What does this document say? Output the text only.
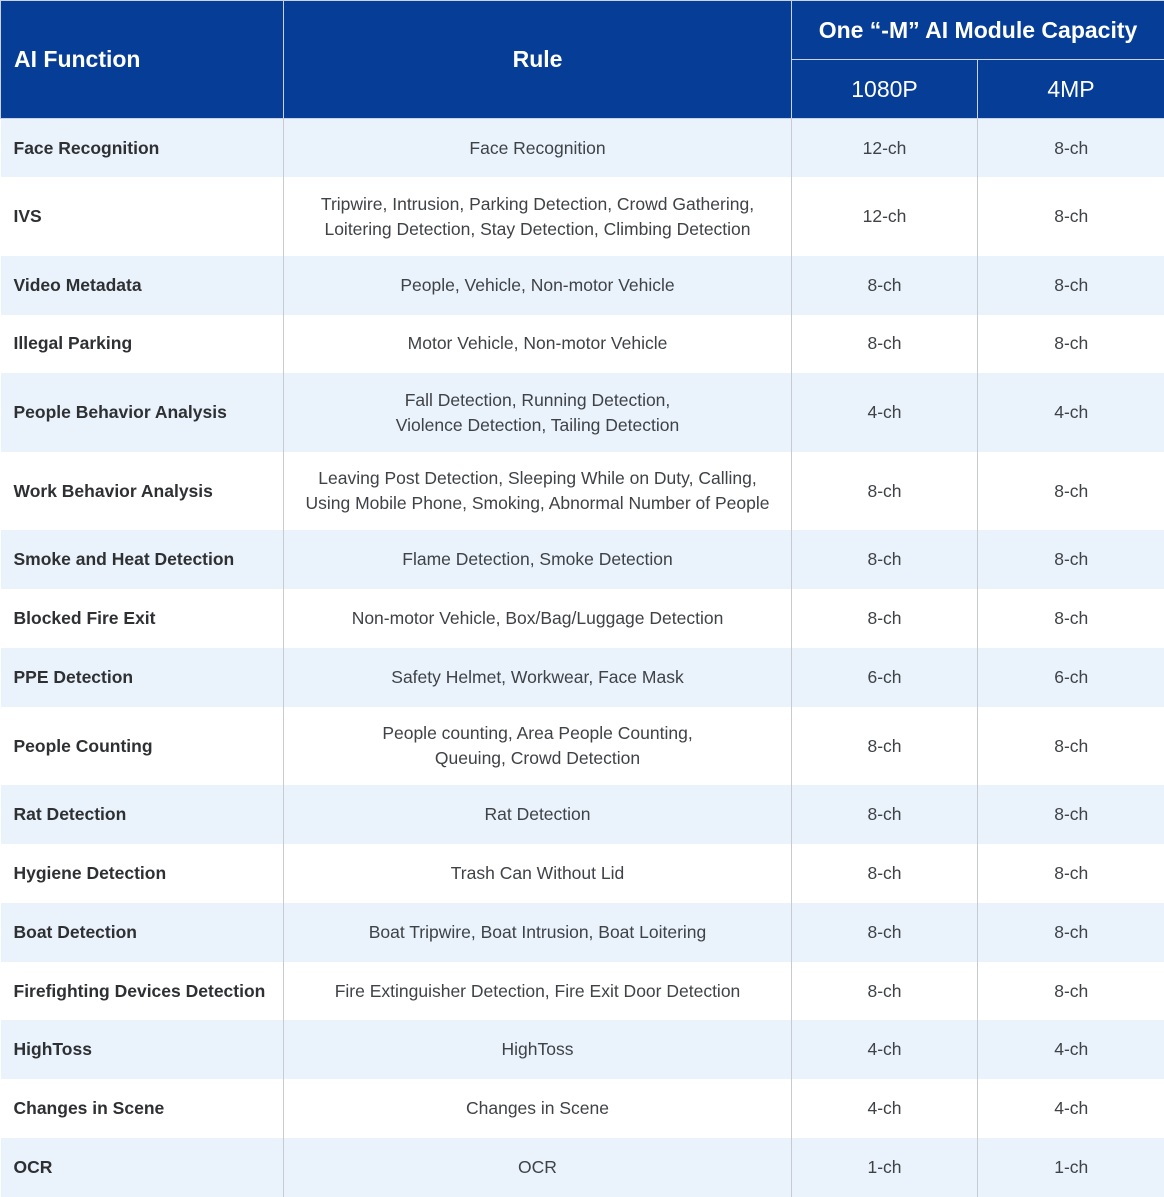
AI Function	Rule	One “-M” AI Module Capacity	
		1080P	4MP
Face Recognition	Face Recognition	12-ch	8-ch
IVS	Tripwire, Intrusion, Parking Detection, Crowd Gathering,
Loitering Detection, Stay Detection, Climbing Detection	12-ch	8-ch
Video Metadata	People, Vehicle, Non-motor Vehicle	8-ch	8-ch
Illegal Parking	Motor Vehicle, Non-motor Vehicle	8-ch	8-ch
People Behavior Analysis	Fall Detection, Running Detection,
Violence Detection, Tailing Detection	4-ch	4-ch
Work Behavior Analysis	Leaving Post Detection, Sleeping While on Duty, Calling,
Using Mobile Phone, Smoking, Abnormal Number of People	8-ch	8-ch
Smoke and Heat Detection	Flame Detection, Smoke Detection	8-ch	8-ch
Blocked Fire Exit	Non-motor Vehicle, Box/Bag/Luggage Detection	8-ch	8-ch
PPE Detection	Safety Helmet, Workwear, Face Mask	6-ch	6-ch
People Counting	People counting, Area People Counting,
Queuing, Crowd Detection	8-ch	8-ch
Rat Detection	Rat Detection	8-ch	8-ch
Hygiene Detection	Trash Can Without Lid	8-ch	8-ch
Boat Detection	Boat Tripwire, Boat Intrusion, Boat Loitering	8-ch	8-ch
Firefighting Devices Detection	Fire Extinguisher Detection, Fire Exit Door Detection	8-ch	8-ch
HighToss	HighToss	4-ch	4-ch
Changes in Scene	Changes in Scene	4-ch	4-ch
OCR	OCR	1-ch	1-ch
